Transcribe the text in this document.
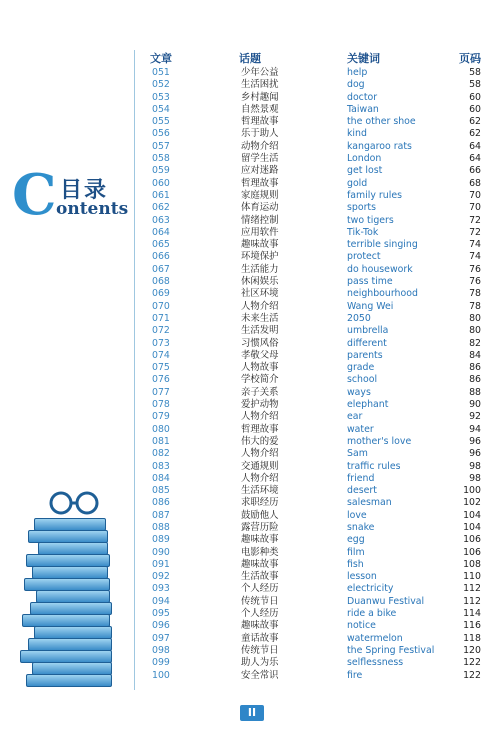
C 目录
ontents
文章	话题	关键词	页码
051	少年公益	help	58
052	生活困扰	dog	58
053	乡村趣闻	doctor	60
054	自然景观	Taiwan	60
055	哲理故事	the other shoe	62
056	乐于助人	kind	62
057	动物介绍	kangaroo rats	64
058	留学生活	London	64
059	应对迷路	get lost	66
060	哲理故事	gold	68
061	家庭规则	family rules	70
062	体育运动	sports	70
063	情绪控制	two tigers	72
064	应用软件	Tik-Tok	72
065	趣味故事	terrible singing	74
066	环境保护	protect	74
067	生活能力	do housework	76
068	休闲娱乐	pass time	76
069	社区环境	neighbourhood	78
070	人物介绍	Wang Wei	78
071	未来生活	2050	80
072	生活发明	umbrella	80
073	习惯风俗	different	82
074	孝敬父母	parents	84
075	人物故事	grade	86
076	学校简介	school	86
077	亲子关系	ways	88
078	爱护动物	elephant	90
079	人物介绍	ear	92
080	哲理故事	water	94
081	伟大的爱	mother's love	96
082	人物介绍	Sam	96
083	交通规则	traffic rules	98
084	人物介绍	friend	98
085	生活环境	desert	100
086	求职经历	salesman	102
087	鼓励他人	love	104
088	露营历险	snake	104
089	趣味故事	egg	106
090	电影种类	film	106
091	趣味故事	fish	108
092	生活故事	lesson	110
093	个人经历	electricity	112
094	传统节日	Duanwu Festival	112
095	个人经历	ride a bike	114
096	趣味故事	notice	116
097	童话故事	watermelon	118
098	传统节日	the Spring Festival	120
099	助人为乐	selflessness	122
100	安全常识	fire	122
II
